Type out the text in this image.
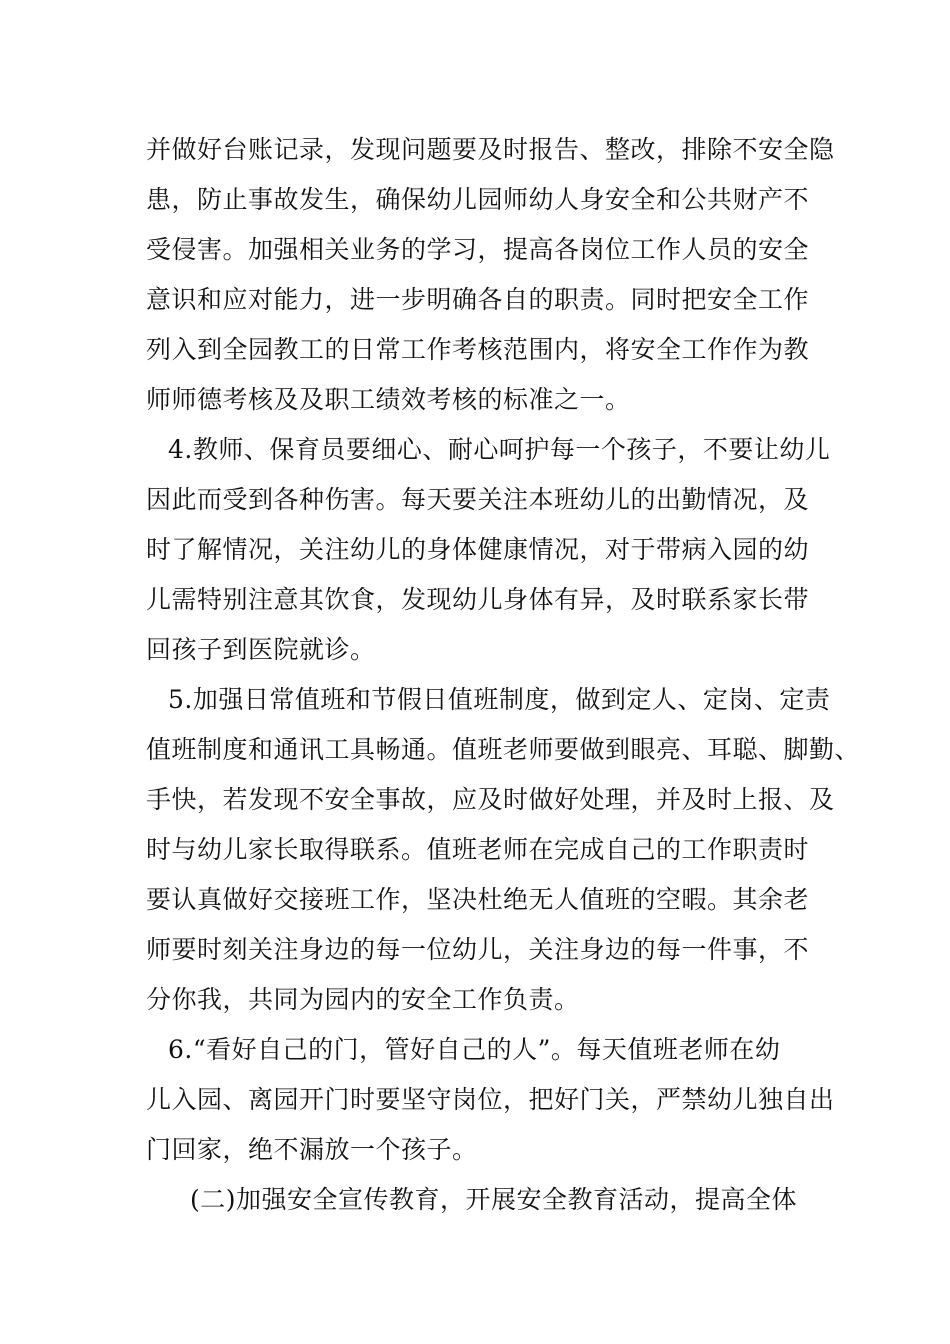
并做好台账记录，发现问题要及时报告、整改，排除不安全隐
患，防止事故发生，确保幼儿园师幼人身安全和公共财产不
受侵害。加强相关业务的学习，提高各岗位工作人员的安全
意识和应对能力，进一步明确各自的职责。同时把安全工作
列入到全园教工的日常工作考核范围内，将安全工作作为教
师师德考核及及职工绩效考核的标准之一。
4.教师、保育员要细心、耐心呵护每一个孩子，不要让幼儿
因此而受到各种伤害。每天要关注本班幼儿的出勤情况，及
时了解情况，关注幼儿的身体健康情况，对于带病入园的幼
儿需特别注意其饮食，发现幼儿身体有异，及时联系家长带
回孩子到医院就诊。
5.加强日常值班和节假日值班制度，做到定人、定岗、定责
值班制度和通讯工具畅通。值班老师要做到眼亮、耳聪、脚勤、
手快，若发现不安全事故，应及时做好处理，并及时上报、及
时与幼儿家长取得联系。值班老师在完成自己的工作职责时
要认真做好交接班工作，坚决杜绝无人值班的空暇。其余老
师要时刻关注身边的每一位幼儿，关注身边的每一件事，不
分你我，共同为园内的安全工作负责。
6.“看好自己的门，管好自己的人”。每天值班老师在幼
儿入园、离园开门时要坚守岗位，把好门关，严禁幼儿独自出
门回家，绝不漏放一个孩子。
(二)加强安全宣传教育，开展安全教育活动，提高全体
